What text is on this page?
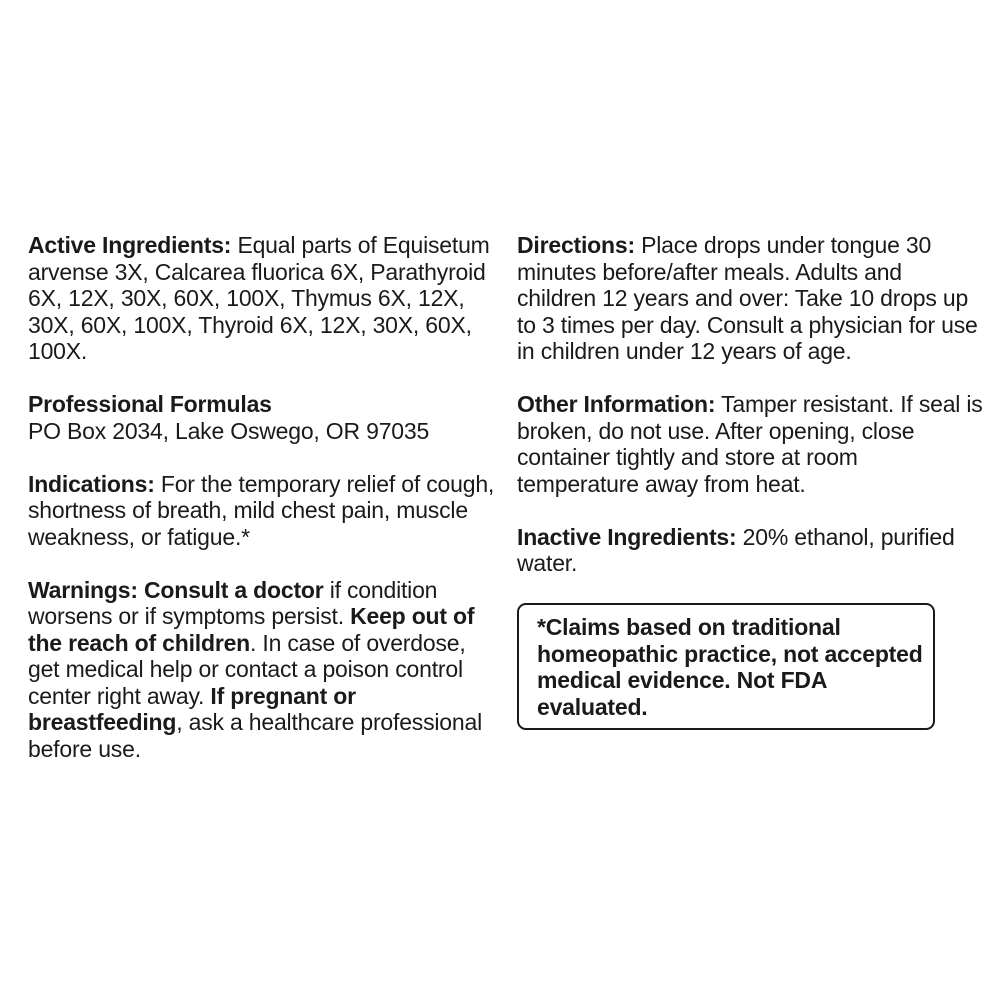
Active Ingredients: Equal parts of Equisetum arvense 3X, Calcarea fluorica 6X, Parathyroid 6X, 12X, 30X, 60X, 100X, Thymus 6X, 12X, 30X, 60X, 100X, Thyroid 6X, 12X, 30X, 60X, 100X.

Professional Formulas

PO Box 2034, Lake Oswego, OR 97035

Indications: For the temporary relief of cough, shortness of breath, mild chest pain, muscle weakness, or fatigue.*

Warnings: Consult a doctor if condition worsens or if symptoms persist. Keep out of the reach of children. In case of overdose, get medical help or contact a poison control center right away. If pregnant or breastfeeding, ask a healthcare professional before use.

Directions: Place drops under tongue 30 minutes before/after meals. Adults and children 12 years and over: Take 10 drops up to 3 times per day. Consult a physician for use in children under 12 years of age.

Other Information: Tamper resistant. If seal is broken, do not use. After opening, close container tightly and store at room temperature away from heat.

Inactive Ingredients: 20% ethanol, purified water.

*Claims based on traditional homeopathic practice, not accepted medical evidence. Not FDA evaluated.
